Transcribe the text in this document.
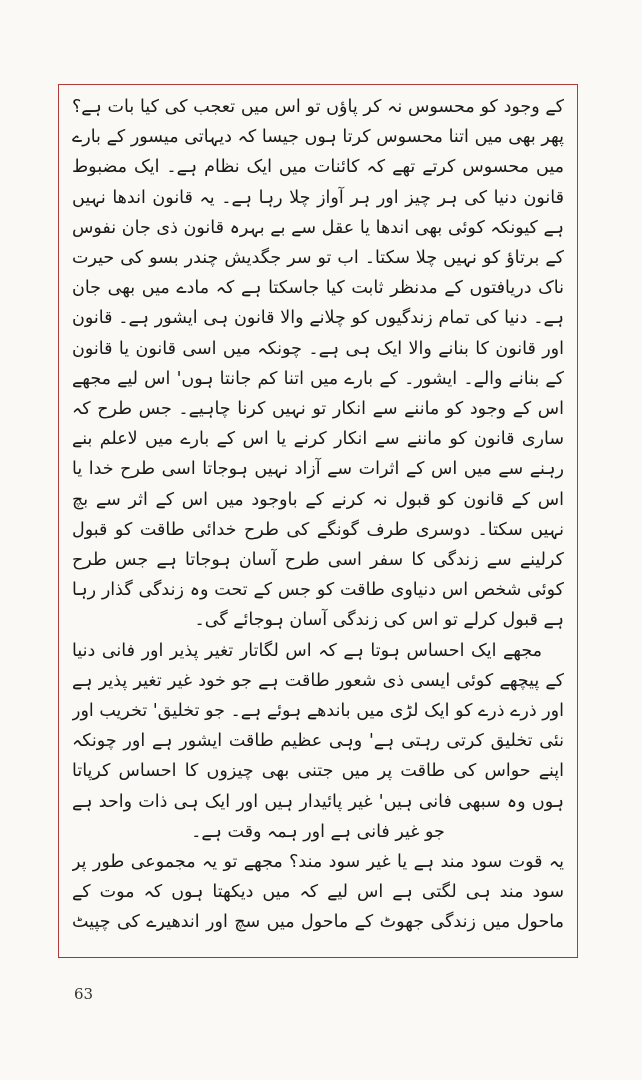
کے وجود کو محسوس نہ کر پاؤں تو اس میں تعجب کی کیا بات ہے؟ پھر بھی میں اتنا محسوس کرتا ہوں جیسا کہ دیہاتی میسور کے بارے میں محسوس کرتے تھے کہ کائنات میں ایک نظام ہے۔ ایک مضبوط قانون دنیا کی ہر چیز اور ہر آواز چلا رہا ہے۔ یہ قانون اندھا نہیں ہے کیونکہ کوئی بھی اندھا یا عقل سے بے بہرہ قانون ذی جان نفوس کے برتاؤ کو نہیں چلا سکتا۔ اب تو سر جگدیش چندر بسو کی حیرت ناک دریافتوں کے مدنظر ثابت کیا جاسکتا ہے کہ مادے میں بھی جان ہے۔ دنیا کی تمام زندگیوں کو چلانے والا قانون ہی ایشور ہے۔ قانون اور قانون کا بنانے والا ایک ہی ہے۔ چونکہ میں اسی قانون یا قانون کے بنانے والے۔ ایشور۔ کے بارے میں اتنا کم جانتا ہوں' اس لیے مجھے اس کے وجود کو ماننے سے انکار تو نہیں کرنا چاہیے۔ جس طرح کہ ساری قانون کو ماننے سے انکار کرنے یا اس کے بارے میں لاعلم بنے رہنے سے میں اس کے اثرات سے آزاد نہیں ہوجاتا اسی طرح خدا یا اس کے قانون کو قبول نہ کرنے کے باوجود میں اس کے اثر سے بچ نہیں سکتا۔ دوسری طرف گونگے کی طرح خدائی طاقت کو قبول کرلینے سے زندگی کا سفر اسی طرح آسان ہوجاتا ہے جس طرح کوئی شخص اس دنیاوی طاقت کو جس کے تحت وہ زندگی گذار رہا ہے قبول کرلے تو اس کی زندگی آسان ہوجائے گی۔

مجھے ایک احساس ہوتا ہے کہ اس لگاتار تغیر پذیر اور فانی دنیا کے پیچھے کوئی ایسی ذی شعور طاقت ہے جو خود غیر تغیر پذیر ہے اور ذرے ذرے کو ایک لڑی میں باندھے ہوئے ہے۔ جو تخلیق' تخریب اور نئی تخلیق کرتی رہتی ہے' وہی عظیم طاقت ایشور ہے اور چونکہ اپنے حواس کی طاقت پر میں جتنی بھی چیزوں کا احساس کرپاتا ہوں وہ سبھی فانی ہیں' غیر پائیدار ہیں اور ایک ہی ذات واحد ہے جو غیر فانی ہے اور ہمہ وقت ہے۔

یہ قوت سود مند ہے یا غیر سود مند؟ مجھے تو یہ مجموعی طور پر سود مند ہی لگتی ہے اس لیے کہ میں دیکھتا ہوں کہ موت کے ماحول میں زندگی جھوٹ کے ماحول میں سچ اور اندھیرے کی چپیٹ

63
